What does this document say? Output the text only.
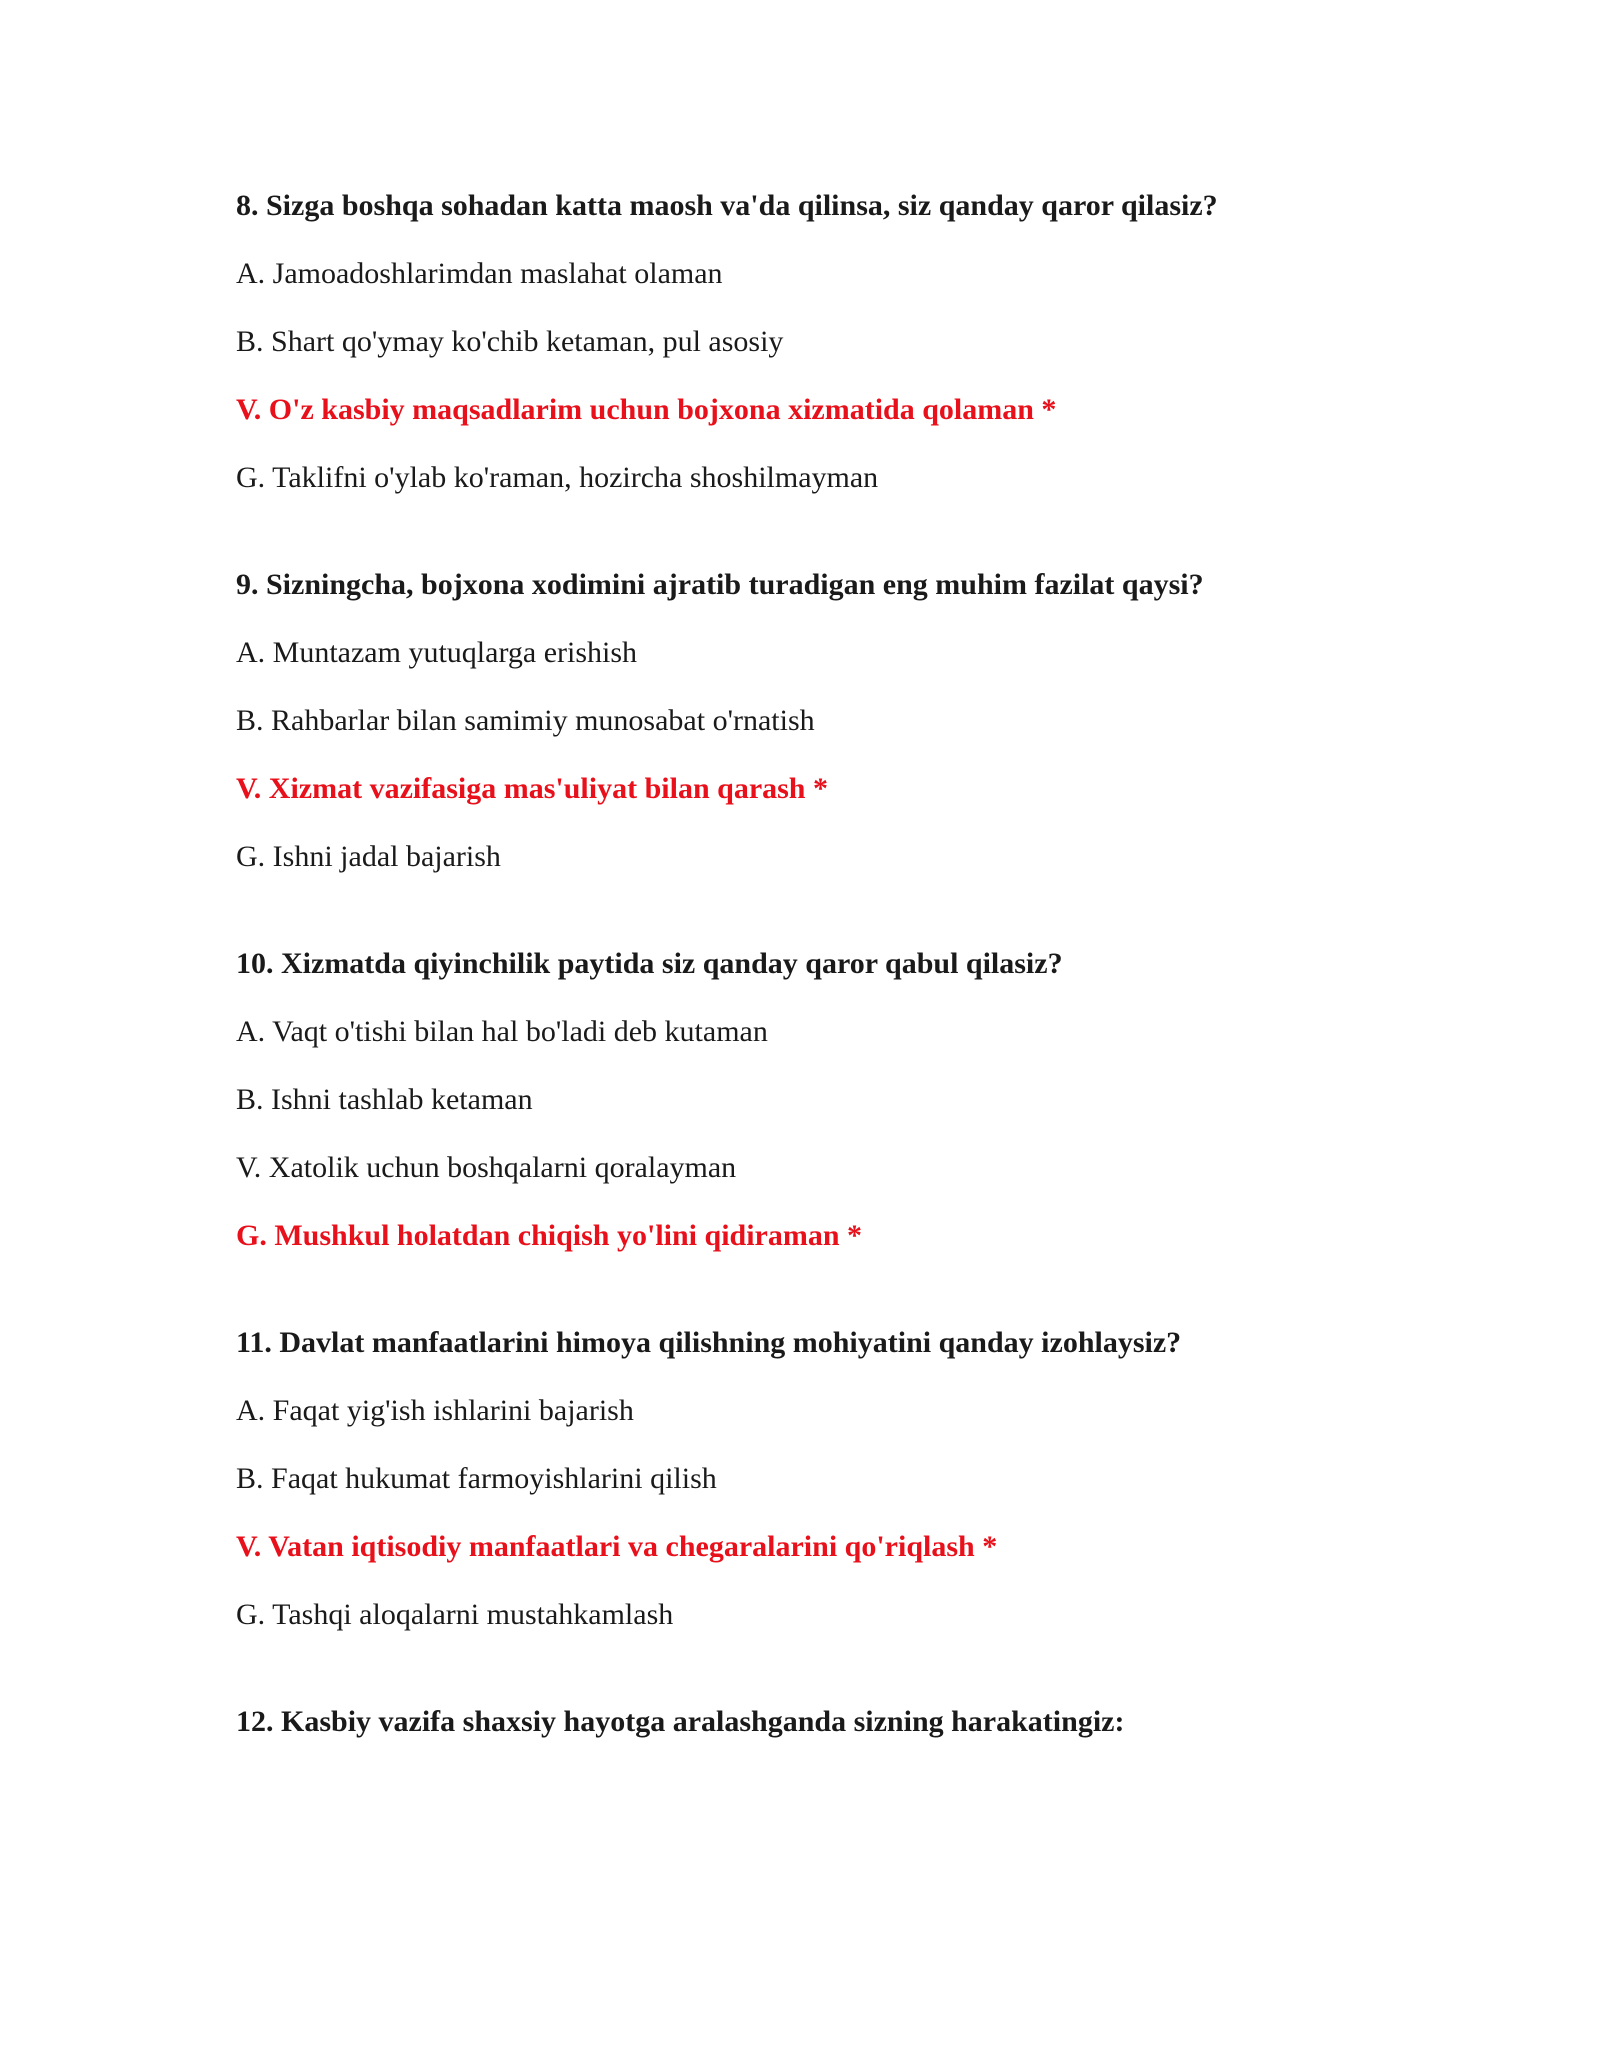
8. Sizga boshqa sohadan katta maosh va'da qilinsa, siz qanday qaror qilasiz?
A. Jamoadoshlarimdan maslahat olaman
B. Shart qo'ymay ko'chib ketaman, pul asosiy
V. O'z kasbiy maqsadlarim uchun bojxona xizmatida qolaman *
G. Taklifni o'ylab ko'raman, hozircha shoshilmayman
9. Sizningcha, bojxona xodimini ajratib turadigan eng muhim fazilat qaysi?
A. Muntazam yutuqlarga erishish
B. Rahbarlar bilan samimiy munosabat o'rnatish
V. Xizmat vazifasiga mas'uliyat bilan qarash *
G. Ishni jadal bajarish
10. Xizmatda qiyinchilik paytida siz qanday qaror qabul qilasiz?
A. Vaqt o'tishi bilan hal bo'ladi deb kutaman
B. Ishni tashlab ketaman
V. Xatolik uchun boshqalarni qoralayman
G. Mushkul holatdan chiqish yo'lini qidiraman *
11. Davlat manfaatlarini himoya qilishning mohiyatini qanday izohlaysiz?
A. Faqat yig'ish ishlarini bajarish
B. Faqat hukumat farmoyishlarini qilish
V. Vatan iqtisodiy manfaatlari va chegaralarini qo'riqlash *
G. Tashqi aloqalarni mustahkamlash
12. Kasbiy vazifa shaxsiy hayotga aralashganda sizning harakatingiz:
